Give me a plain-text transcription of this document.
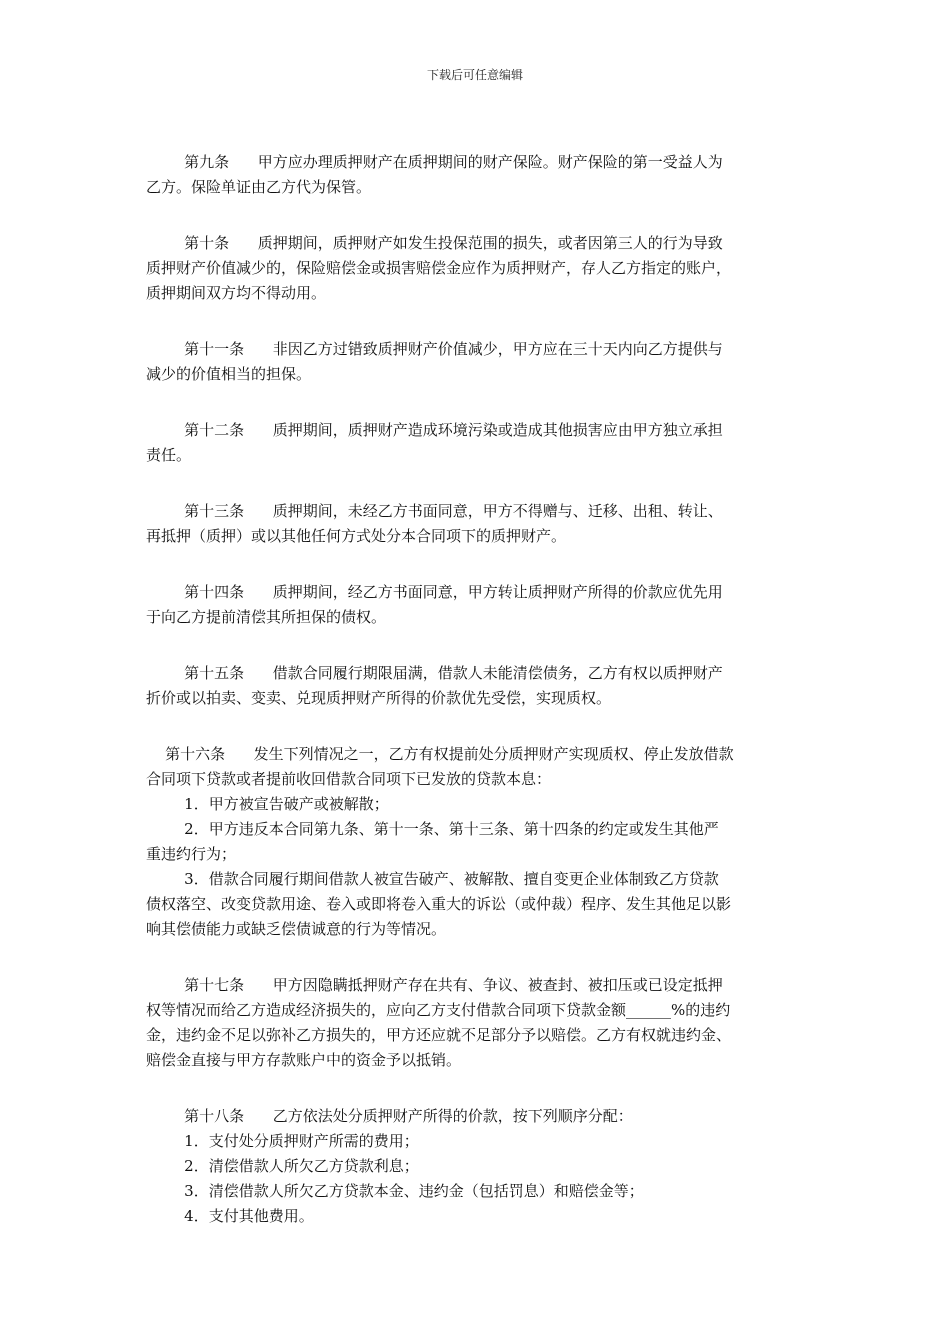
下载后可任意编辑
第九条      甲方应办理质押财产在质押期间的财产保险。财产保险的第一受益人为
乙方。保险单证由乙方代为保管。
第十条      质押期间，质押财产如发生投保范围的损失，或者因第三人的行为导致
质押财产价值减少的，保险赔偿金或损害赔偿金应作为质押财产，存人乙方指定的账户，
质押期间双方均不得动用。
第十一条      非因乙方过错致质押财产价值减少，甲方应在三十天内向乙方提供与
减少的价值相当的担保。
第十二条      质押期间，质押财产造成环境污染或造成其他损害应由甲方独立承担
责任。
第十三条      质押期间，未经乙方书面同意，甲方不得赠与、迁移、出租、转让、
再抵押（质押）或以其他任何方式处分本合同项下的质押财产。
第十四条      质押期间，经乙方书面同意，甲方转让质押财产所得的价款应优先用
于向乙方提前清偿其所担保的债权。
第十五条      借款合同履行期限届满，借款人未能清偿债务，乙方有权以质押财产
折价或以拍卖、变卖、兑现质押财产所得的价款优先受偿，实现质权。
第十六条      发生下列情况之一，乙方有权提前处分质押财产实现质权、停止发放借款
合同项下贷款或者提前收回借款合同项下已发放的贷款本息：
1．甲方被宣告破产或被解散；
2．甲方违反本合同第九条、第十一条、第十三条、第十四条的约定或发生其他严
重违约行为；
3．借款合同履行期间借款人被宣告破产、被解散、擅自变更企业体制致乙方贷款
债权落空、改变贷款用途、卷入或即将卷入重大的诉讼（或仲裁）程序、发生其他足以影
响其偿债能力或缺乏偿债诚意的行为等情况。
第十七条      甲方因隐瞒抵押财产存在共有、争议、被查封、被扣压或已设定抵押
权等情况而给乙方造成经济损失的，应向乙方支付借款合同项下贷款金额______%的违约
金，违约金不足以弥补乙方损失的，甲方还应就不足部分予以赔偿。乙方有权就违约金、
赔偿金直接与甲方存款账户中的资金予以抵销。
第十八条      乙方依法处分质押财产所得的价款，按下列顺序分配：
1．支付处分质押财产所需的费用；
2．清偿借款人所欠乙方贷款利息；
3．清偿借款人所欠乙方贷款本金、违约金（包括罚息）和赔偿金等；
4．支付其他费用。
